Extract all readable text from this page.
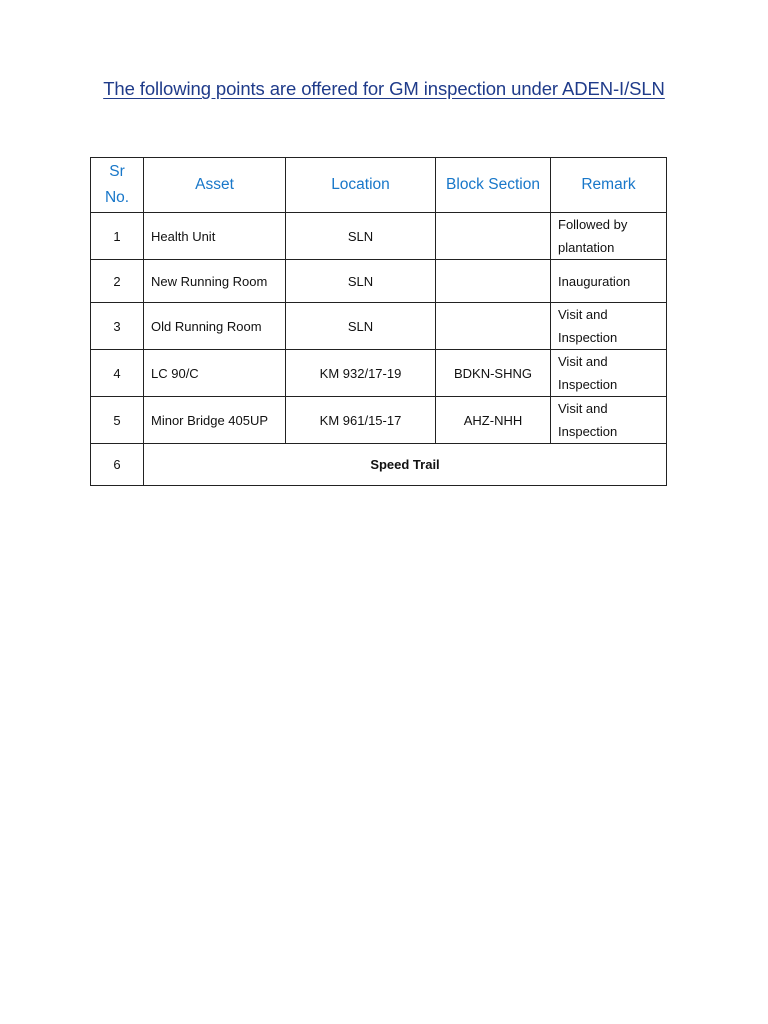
The following points are offered for GM inspection under ADEN-I/SLN
Sr No.	Asset	Location	Block Section	Remark
1	Health Unit	SLN		Followed by plantation
2	New Running Room	SLN		Inauguration
3	Old Running Room	SLN		Visit and Inspection
4	LC 90/C	KM 932/17-19	BDKN-SHNG	Visit and Inspection
5	Minor Bridge 405UP	KM 961/15-17	AHZ-NHH	Visit and Inspection
6	Speed Trail			
